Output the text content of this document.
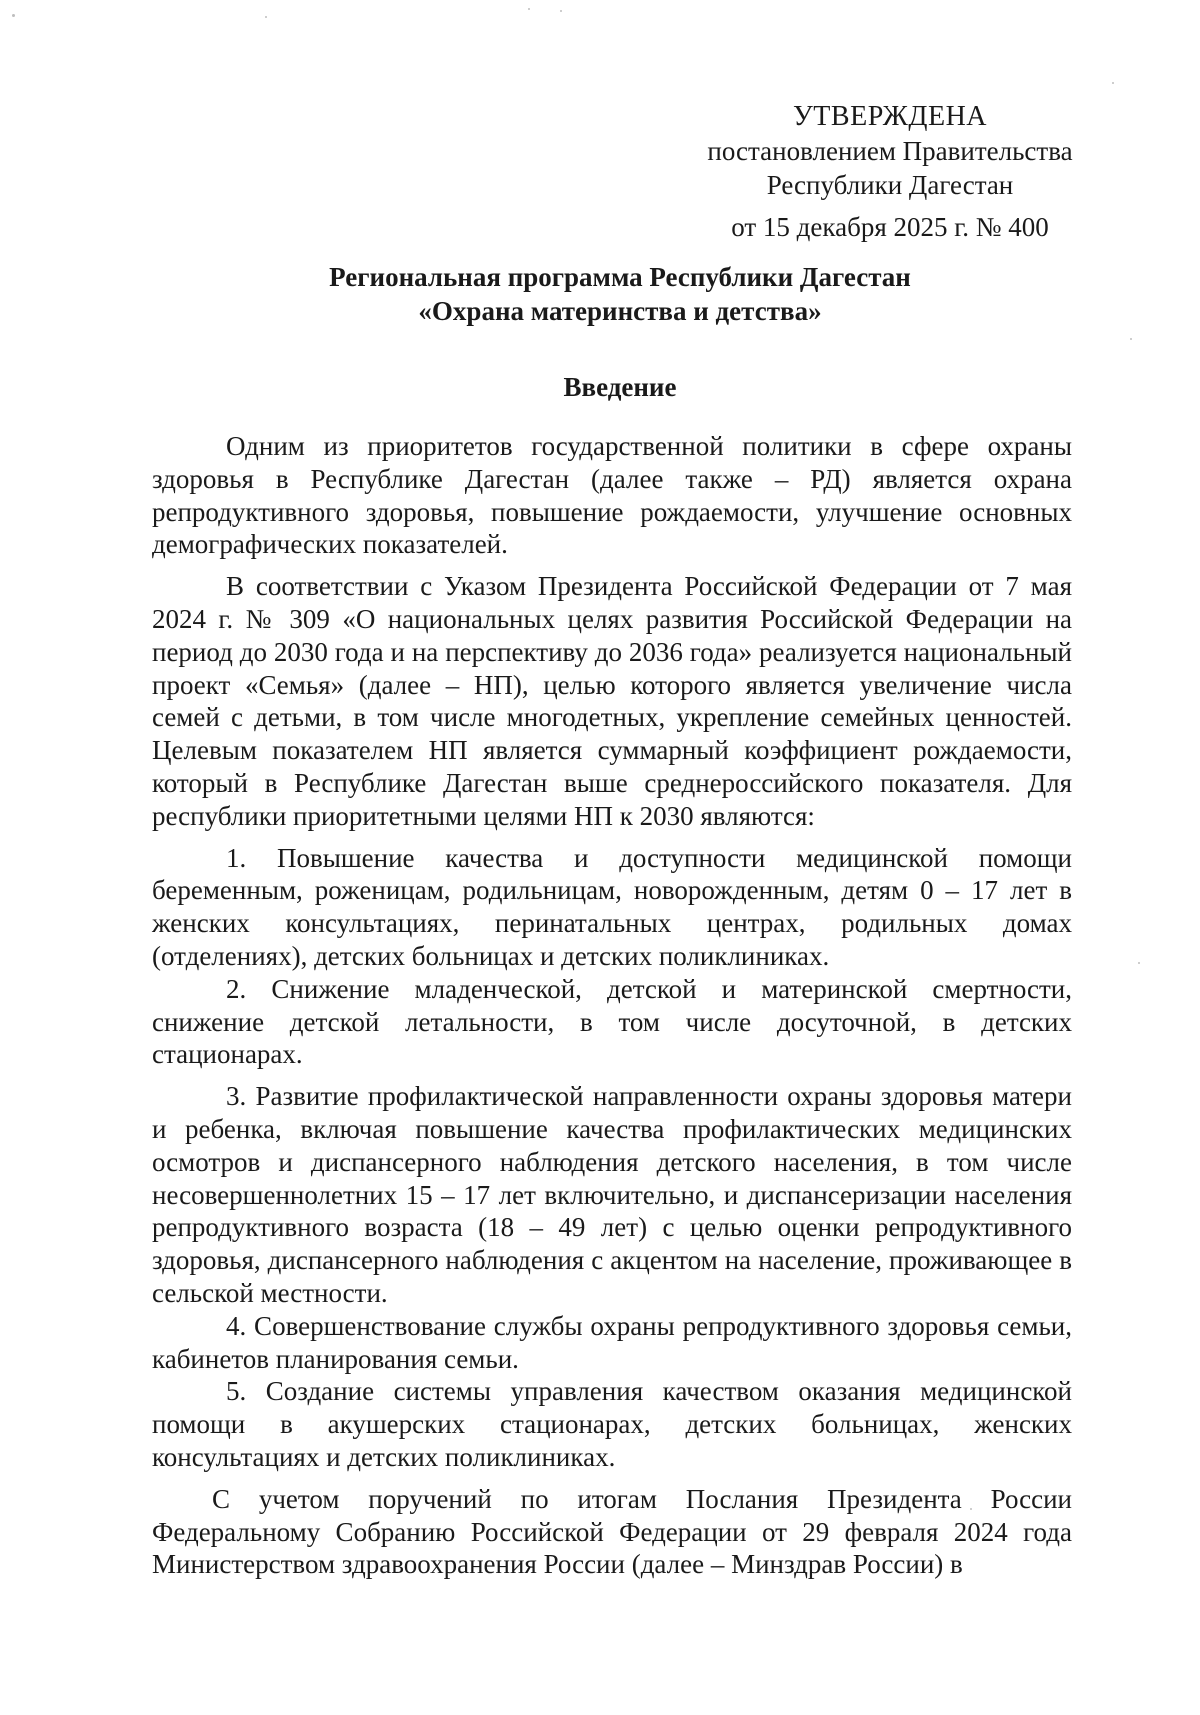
УТВЕРЖДЕНА
постановлением Правительства
Республики Дагестан
от 15 декабря 2025 г. № 400
Региональная программа Республики Дагестан
«Охрана материнства и детства»
Введение

Одним из приоритетов государственной политики в сфере охраны здоровья в Республике Дагестан (далее также – РД) является охрана репродуктивного здоровья, повышение рождаемости, улучшение основных демографических показателей.

В соответствии с Указом Президента Российской Федерации от 7 мая 2024 г. № 309 «О национальных целях развития Российской Федерации на период до 2030 года и на перспективу до 2036 года» реализуется национальный проект «Семья» (далее – НП), целью которого является увеличение числа семей с детьми, в том числе многодетных, укрепление семейных ценностей. Целевым показателем НП является суммарный коэффициент рождаемости, который в Республике Дагестан выше среднероссийского показателя. Для республики приоритетными целями НП к 2030 являются:

1. Повышение качества и доступности медицинской помощи беременным, роженицам, родильницам, новорожденным, детям 0 – 17 лет в женских консультациях, перинатальных центрах, родильных домах (отделениях), детских больницах и детских поликлиниках.

2. Снижение младенческой, детской и материнской смертности, снижение детской летальности, в том числе досуточной, в детских стационарах.

3. Развитие профилактической направленности охраны здоровья матери и ребенка, включая повышение качества профилактических медицинских осмотров и диспансерного наблюдения детского населения, в том числе несовершеннолетних 15 – 17 лет включительно, и диспансеризации населения репродуктивного возраста (18 – 49 лет) с целью оценки репродуктивного здоровья, диспансерного наблюдения с акцентом на население, проживающее в сельской местности.

4. Совершенствование службы охраны репродуктивного здоровья семьи, кабинетов планирования семьи.

5. Создание системы управления качеством оказания медицинской помощи в акушерских стационарах, детских больницах, женских консультациях и детских поликлиниках.

С учетом поручений по итогам Послания Президента России Федеральному Собранию Российской Федерации от 29 февраля 2024 года Министерством здравоохранения России (далее – Минздрав России) в
